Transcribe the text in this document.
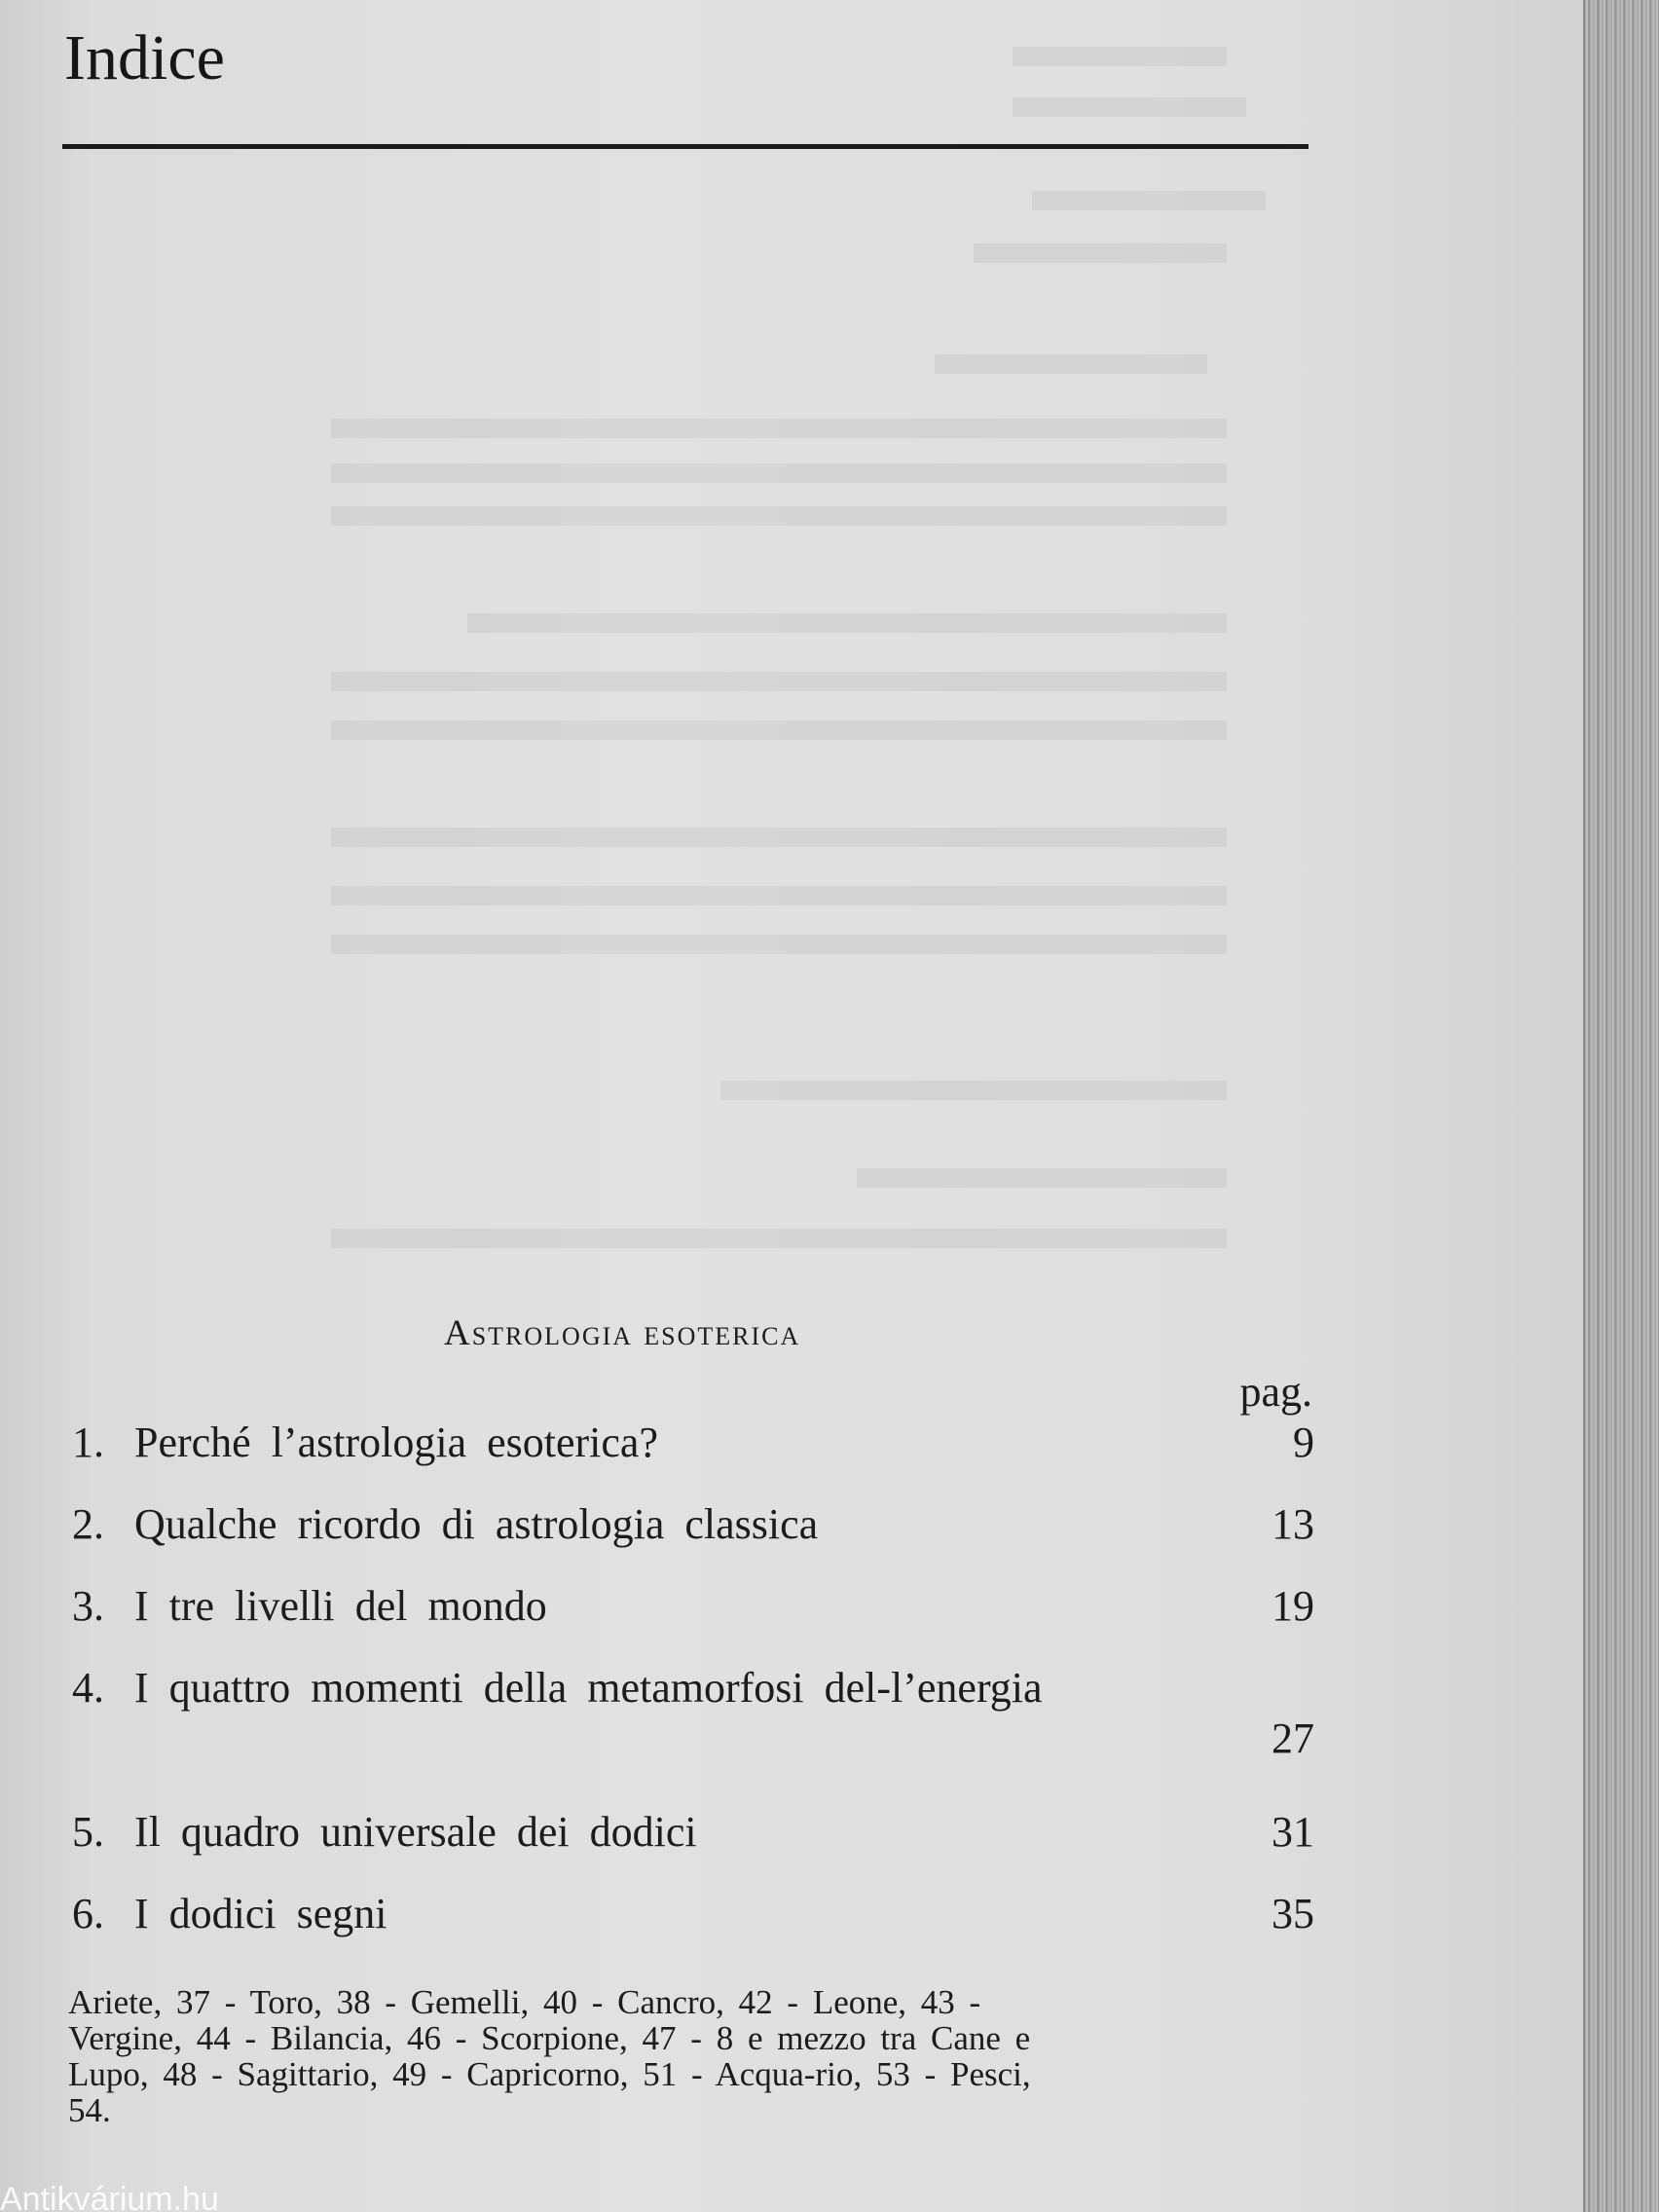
Indice
Astrologia esoterica
pag.
1. Perché l’astrologia esoterica?	9
2. Qualche ricordo di astrologia classica	13
3. I tre livelli del mondo	19
4. I quattro momenti della metamorfosi del-l’energia
27
5. Il quadro universale dei dodici	31
6. I dodici segni	35

Ariete, 37 - Toro, 38 - Gemelli, 40 - Cancro, 42 - Leone, 43 - Vergine, 44 - Bilancia, 46 - Scorpione, 47 - 8 e mezzo tra Cane e Lupo, 48 - Sagittario, 49 - Capricorno, 51 - Acqua-rio, 53 - Pesci, 54.

Antikvárium.hu
